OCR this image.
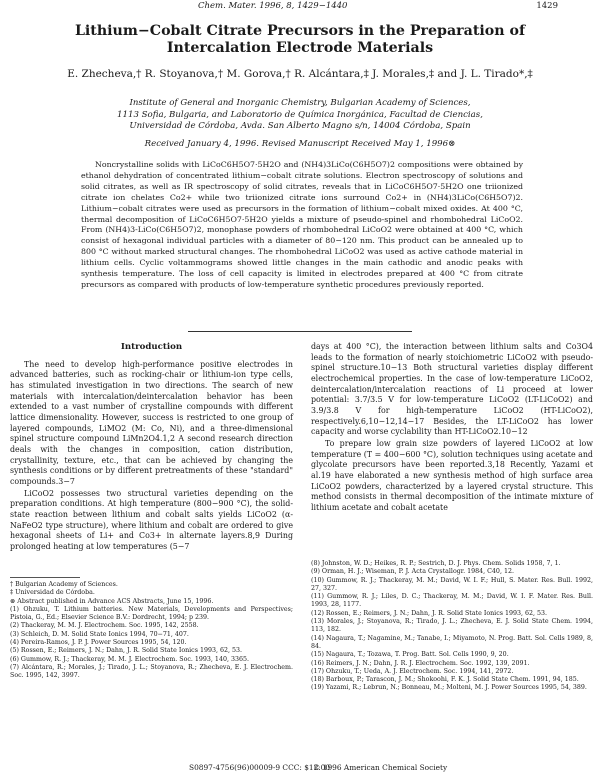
Chem. Mater. 1996, 8, 1429−1440	1429
Lithium−Cobalt Citrate Precursors in the Preparation of Intercalation Electrode Materials
E. Zhecheva,† R. Stoyanova,† M. Gorova,† R. Alcántara,‡ J. Morales,‡ and J. L. Tirado*,‡
Institute of General and Inorganic Chemistry, Bulgarian Academy of Sciences,
1113 Sofia, Bulgaria, and Laboratorio de Química Inorgánica, Facultad de Ciencias,
Universidad de Córdoba, Avda. San Alberto Magno s/n, 14004 Córdoba, Spain
Received January 4, 1996. Revised Manuscript Received May 1, 1996⊗
Noncrystalline solids with LiCoC6H5O7·5H2O and (NH4)3LiCo(C6H5O7)2 compositions were obtained by ethanol dehydration of concentrated lithium−cobalt citrate solutions. Electron spectroscopy of solutions and solid citrates, as well as IR spectroscopy of solid citrates, reveals that in LiCoC6H5O7·5H2O one triionized citrate ion chelates Co2+ while two triionized citrate ions surround Co2+ in (NH4)3LiCo(C6H5O7)2. Lithium−cobalt citrates were used as precursors in the formation of lithium−cobalt mixed oxides. At 400 °C, thermal decomposition of LiCoC6H5O7·5H2O yields a mixture of pseudo-spinel and rhombohedral LiCoO2. From (NH4)3-LiCo(C6H5O7)2, monophase powders of rhombohedral LiCoO2 were obtained at 400 °C, which consist of hexagonal individual particles with a diameter of 80−120 nm. This product can be annealed up to 800 °C without marked structural changes. The rhombohedral LiCoO2 was used as active cathode material in lithium cells. Cyclic voltammograms showed little changes in the main cathodic and anodic peaks with synthesis temperature. The loss of cell capacity is limited in electrodes prepared at 400 °C from citrate precursors as compared with products of low-temperature synthetic procedures previously reported.
Introduction

The need to develop high-performance positive electrodes in advanced batteries, such as rocking-chair or lithium-ion type cells, has stimulated investigation in two directions. The search of new materials with intercalation/deintercalation behavior has been extended to a vast number of crystalline compounds with different lattice dimensionality. However, success is restricted to one group of layered compounds, LiMO2 (M: Co, Ni), and a three-dimensional spinel structure compound LiMn2O4.1,2 A second research direction deals with the changes in composition, cation distribution, crystallinity, texture, etc., that can be achieved by changing the synthesis conditions or by different pretreatments of these "standard" compounds.3−7

LiCoO2 possesses two structural varieties depending on the preparation conditions. At high temperature (800−900 °C), the solid-state reaction between lithium and cobalt salts yields LiCoO2 (α-NaFeO2 type structure), where lithium and cobalt are ordered to give hexagonal sheets of Li+ and Co3+ in alternate layers.8,9 During prolonged heating at low temperatures (5−7

days at 400 °C), the interaction between lithium salts and Co3O4 leads to the formation of nearly stoichiometric LiCoO2 with pseudo-spinel structure.10−13 Both structural varieties display different electrochemical properties. In the case of low-temperature LiCoO2, deintercalation/intercalation reactions of Li proceed at lower potential: 3.7/3.5 V for low-temperature LiCoO2 (LT-LiCoO2) and 3.9/3.8 V for high-temperature LiCoO2 (HT-LiCoO2), respectively.6,10−12,14−17 Besides, the LT-LiCoO2 has lower capacity and worse cyclability than HT-LiCoO2.10−12

To prepare low grain size powders of layered LiCoO2 at low temperature (T = 400−600 °C), solution techniques using acetate and glycolate precursors have been reported.3,18 Recently, Yazami et al.19 have elaborated a new synthesis method of high surface area LiCoO2 powders, characterized by a layered crystal structure. This method consists in thermal decomposition of the intimate mixture of lithium acetate and cobalt acetate

† Bulgarian Academy of Sciences.

‡ Universidad de Córdoba.

⊗ Abstract published in Advance ACS Abstracts, June 15, 1996.

(1) Ohzuku, T. Lithium batteries. New Materials, Developments and Perspectives; Pistoia, G., Ed.; Elsevier Science B.V.: Dordrecht, 1994; p 239.

(2) Thackeray, M. M. J. Electrochem. Soc. 1995, 142, 2558.

(3) Schleich, D. M. Solid State Ionics 1994, 70−71, 407.

(4) Pereira-Ramos, J. P. J. Power Sources 1995, 54, 120.

(5) Rossen, E.; Reimers, J. N.; Dahn, J. R. Solid State Ionics 1993, 62, 53.

(6) Gummow, R. J.; Thackeray, M. M. J. Electrochem. Soc. 1993, 140, 3365.

(7) Alcántara, R.; Morales, J.; Tirado, J. L.; Stoyanova, R.; Zhecheva, E. J. Electrochem. Soc. 1995, 142, 3997.

(8) Johnston, W. D.; Heikes, R. P.; Sestrich, D. J. Phys. Chem. Solids 1958, 7, 1.

(9) Orman, H. J.; Wiseman, P. J. Acta Crystallogr. 1984, C40, 12.

(10) Gummow, R. J.; Thackeray, M. M.; David, W. I. F.; Hull, S. Mater. Res. Bull. 1992, 27, 327.

(11) Gummow, R. J.; Liles, D. C.; Thackeray, M. M.; David, W. I. F. Mater. Res. Bull. 1993, 28, 1177.

(12) Rossen, E.; Reimers, J. N.; Dahn, J. R. Solid State Ionics 1993, 62, 53.

(13) Morales, J.; Stoyanova, R.; Tirado, J. L.; Zhecheva, E. J. Solid State Chem. 1994, 113, 182.

(14) Nagaura, T.; Nagamine, M.; Tanabe, I.; Miyamoto, N. Prog. Batt. Sol. Cells 1989, 8, 84.

(15) Nagaura, T.; Tozawa, T. Prog. Batt. Sol. Cells 1990, 9, 20.

(16) Reimers, J. N.; Dahn, J. R. J. Electrochem. Soc. 1992, 139, 2091.

(17) Ohzuku, T.; Ueda, A. J. Electrochem. Soc. 1994, 141, 2972.

(18) Barboux, P.; Tarascon, J. M.; Shokoohi, F. K. J. Solid State Chem. 1991, 94, 185.

(19) Yazami, R.; Lebrun, N.; Bonneau, M.; Molteni, M. J. Power Sources 1995, 54, 389.

S0897-4756(96)00009-9 CCC: $12.00
© 1996 American Chemical Society
